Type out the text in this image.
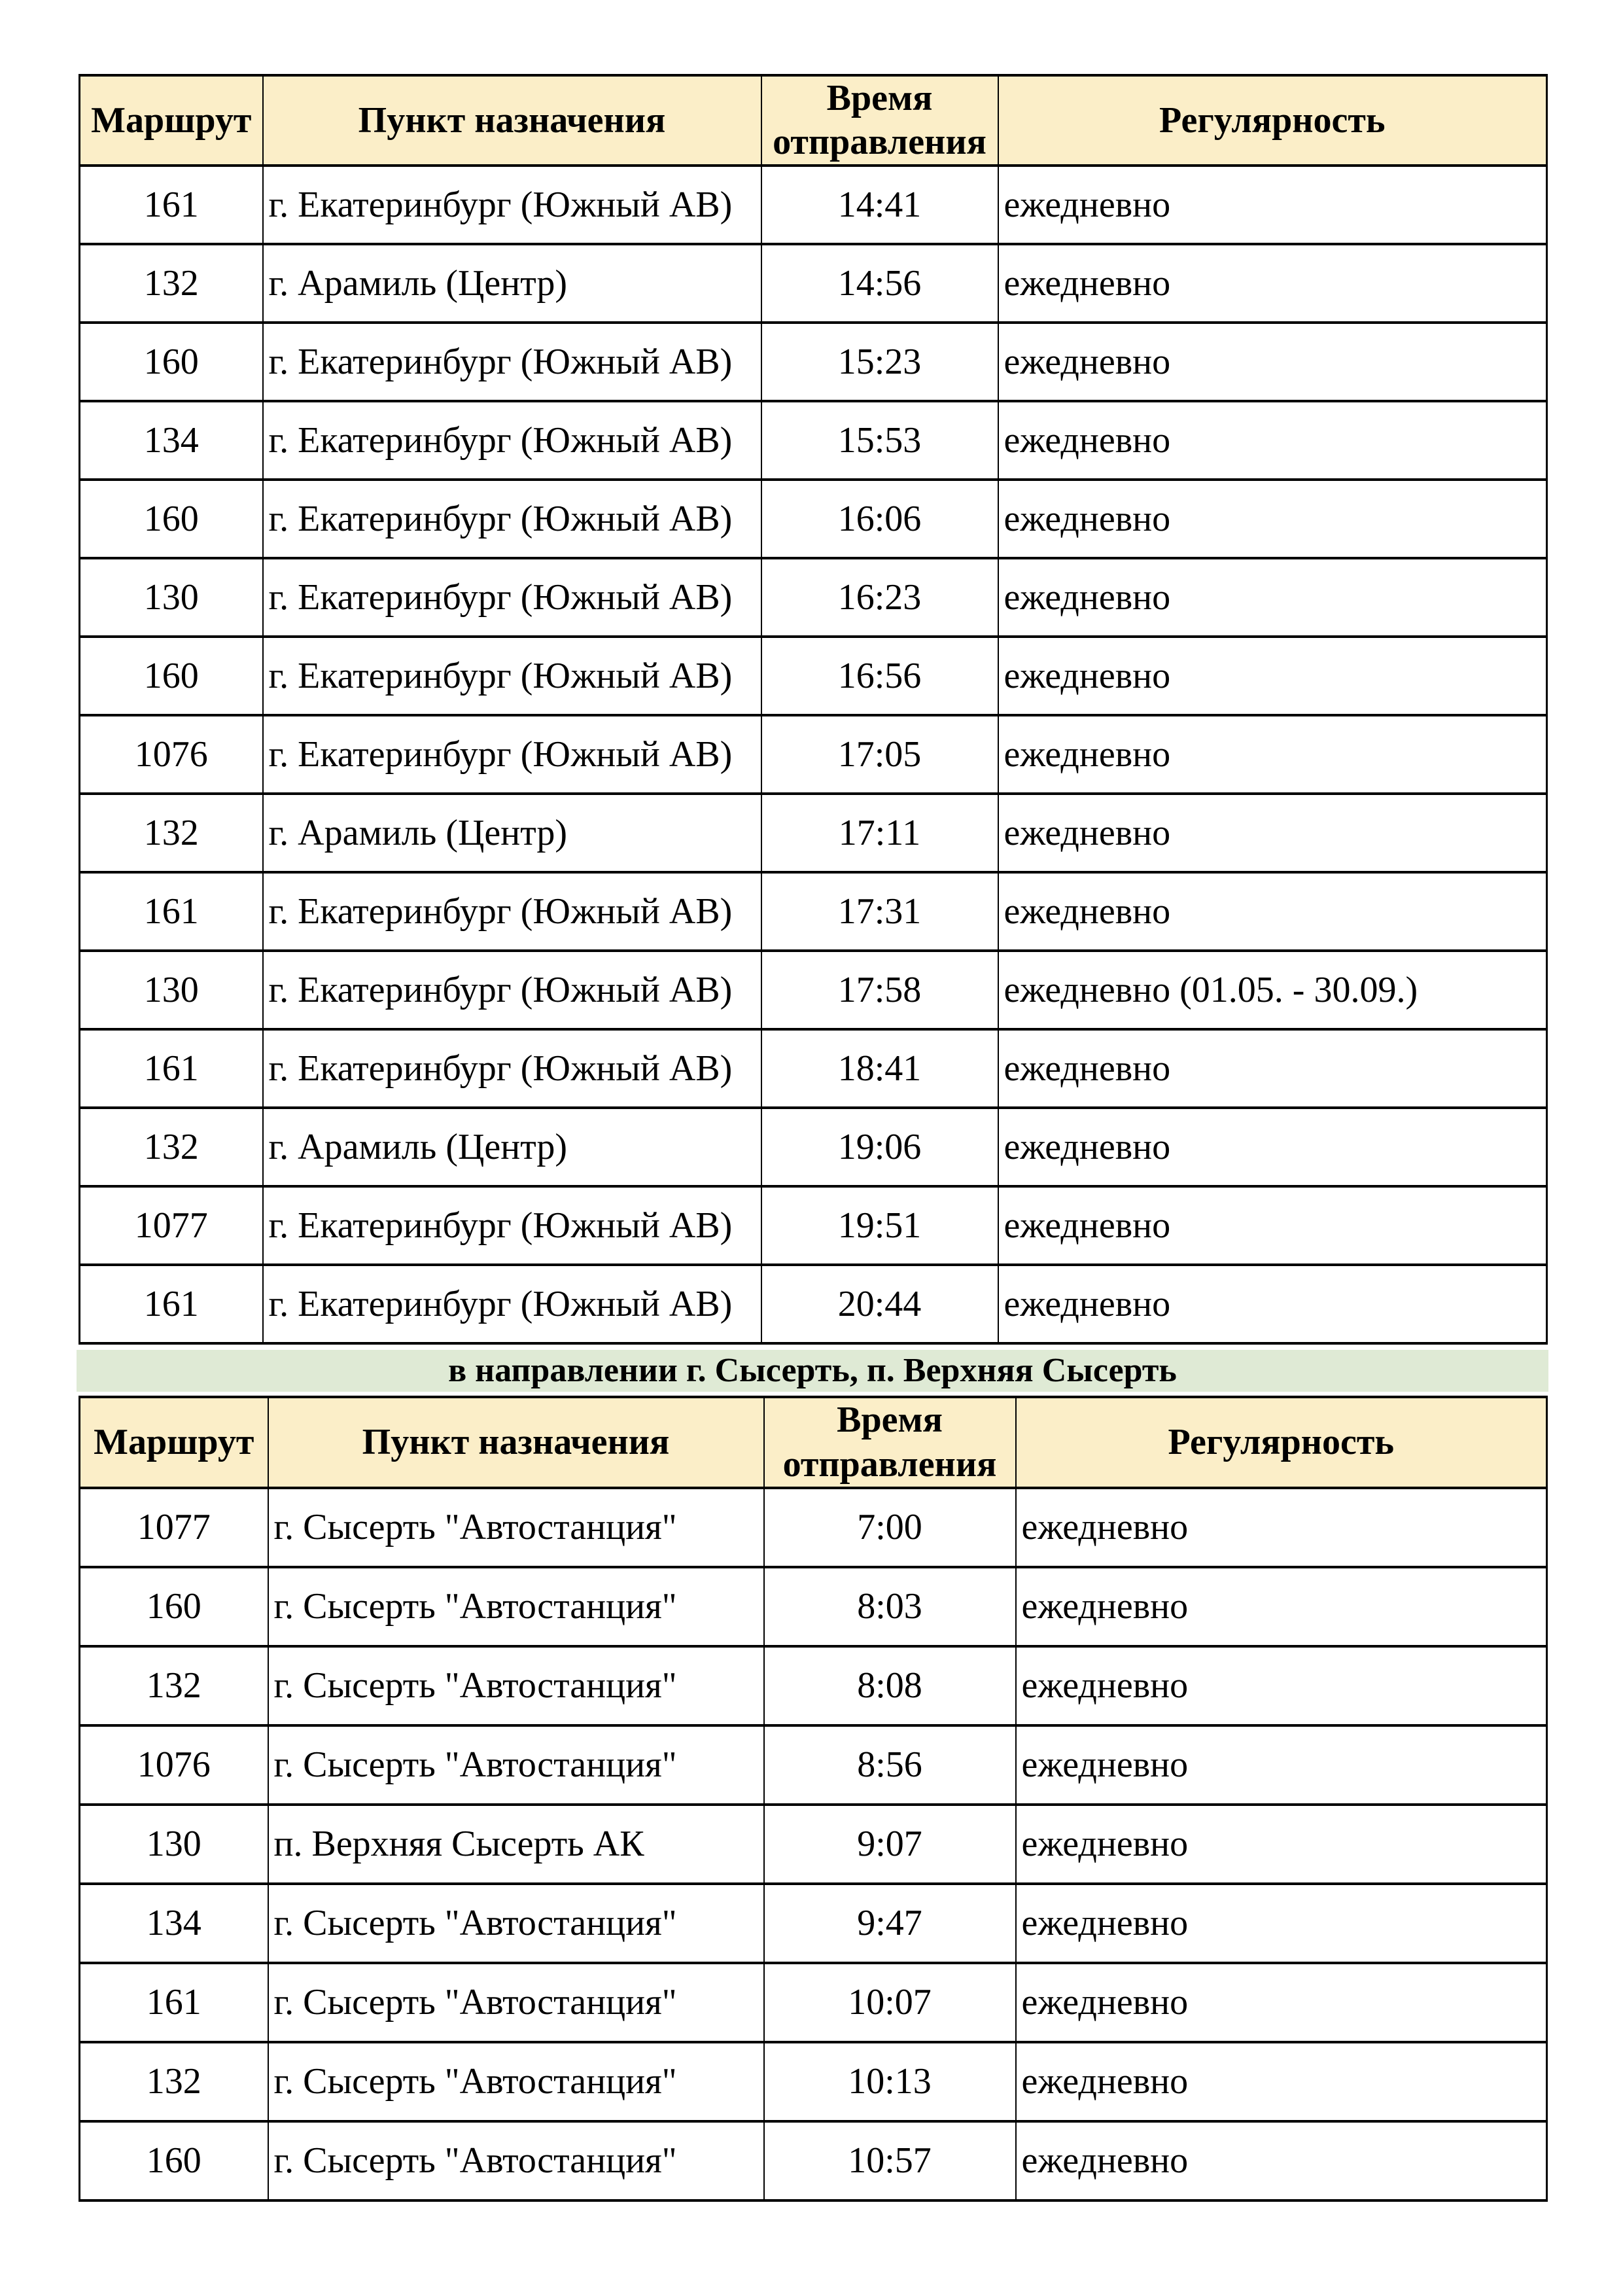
Маршрут	Пункт назначения	Время отправления	Регулярность
161	г. Екатеринбург (Южный АВ)	14:41	ежедневно
132	г. Арамиль (Центр)	14:56	ежедневно
160	г. Екатеринбург (Южный АВ)	15:23	ежедневно
134	г. Екатеринбург (Южный АВ)	15:53	ежедневно
160	г. Екатеринбург (Южный АВ)	16:06	ежедневно
130	г. Екатеринбург (Южный АВ)	16:23	ежедневно
160	г. Екатеринбург (Южный АВ)	16:56	ежедневно
1076	г. Екатеринбург (Южный АВ)	17:05	ежедневно
132	г. Арамиль (Центр)	17:11	ежедневно
161	г. Екатеринбург (Южный АВ)	17:31	ежедневно
130	г. Екатеринбург (Южный АВ)	17:58	ежедневно (01.05. - 30.09.)
161	г. Екатеринбург (Южный АВ)	18:41	ежедневно
132	г. Арамиль (Центр)	19:06	ежедневно
1077	г. Екатеринбург (Южный АВ)	19:51	ежедневно
161	г. Екатеринбург (Южный АВ)	20:44	ежедневно
в направлении г. Сысерть, п. Верхняя Сысерть
Маршрут	Пункт назначения	Время отправления	Регулярность
1077	г. Сысерть "Автостанция"	7:00	ежедневно
160	г. Сысерть "Автостанция"	8:03	ежедневно
132	г. Сысерть "Автостанция"	8:08	ежедневно
1076	г. Сысерть "Автостанция"	8:56	ежедневно
130	п. Верхняя Сысерть АК	9:07	ежедневно
134	г. Сысерть "Автостанция"	9:47	ежедневно
161	г. Сысерть "Автостанция"	10:07	ежедневно
132	г. Сысерть "Автостанция"	10:13	ежедневно
160	г. Сысерть "Автостанция"	10:57	ежедневно
